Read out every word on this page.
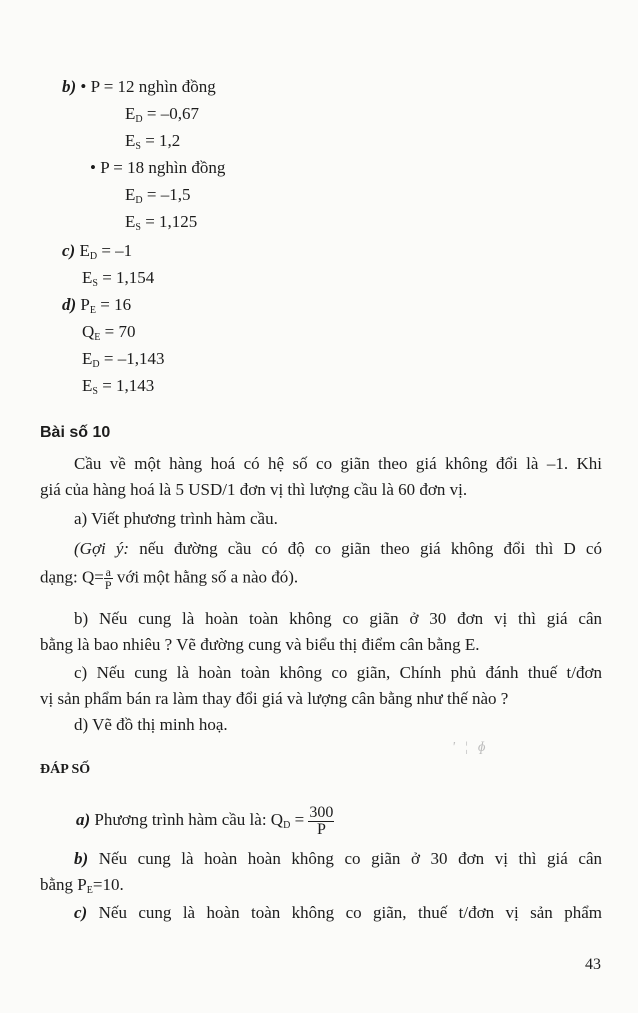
b) • P = 12 nghìn đồng
$E_D = -0,67$
$E_S = 1,2$
• P = 18 nghìn đồng
$E_D = -1,5$
$E_S = 1,125$
c) $E_D = -1$
$E_S = 1,154$
d) $P_E = 16$
$Q_E = 70$
$E_D = -1,143$
$E_S = 1,143$
Bài số 10
Cầu về một hàng hoá có hệ số co giãn theo giá không đổi là –1. Khi
giá của hàng hoá là 5 USD/1 đơn vị thì lượng cầu là 60 đơn vị.
a) Viết phương trình hàm cầu.
(Gợi ý: nếu đường cầu có độ co giãn theo giá không đổi thì D có
dạng: $Q= \frac{a}{P}$ với một hằng số a nào đó).
b) Nếu cung là hoàn toàn không co giãn ở 30 đơn vị thì giá cân
bằng là bao nhiêu ? Vẽ đường cung và biểu thị điểm cân bằng E.
c) Nếu cung là hoàn toàn không co giãn, Chính phủ đánh thuế t/đơn
vị sản phẩm bán ra làm thay đổi giá và lượng cân bằng như thế nào ?
d) Vẽ đồ thị minh hoạ.
ĐÁP SỐ
' ¦ ɸ
a) Phương trình hàm cầu là: $Q_D = \frac{300}{P}$
b) Nếu cung là hoàn hoàn không co giãn ở 30 đơn vị thì giá cân
bằng $P_E=10$.
c) Nếu cung là hoàn toàn không co giãn, thuế t/đơn vị sản phẩm
43
